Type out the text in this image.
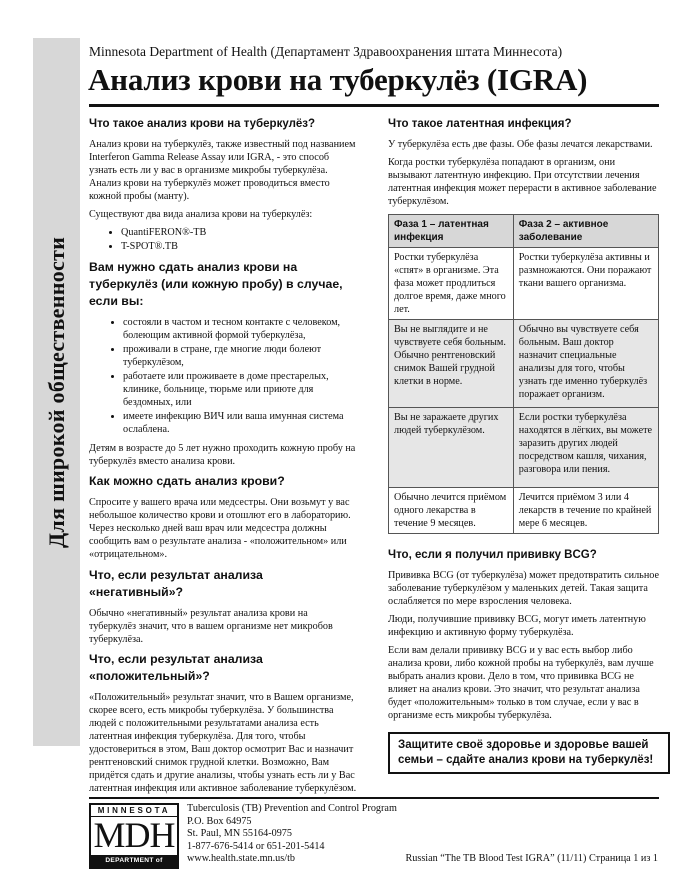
Для широкой общественности
Minnesota Department of Health (Департамент Здравоохранения штата Миннесота)
Анализ крови на туберкулёз (IGRA)
Что такое анализ крови на туберкулёз?

Анализ крови на туберкулёз, также известный под названием Interferon Gamma Release Assay или IGRA, - это способ узнать есть ли у вас в организме микробы туберкулёза. Анализ крови на туберкулёз может проводиться вместо кожной пробы (манту).

Существуют два вида анализа крови на туберкулёз:

• QuantiFERON®-TB
• T-SPOT®.TB
Вам нужно сдать анализ крови на туберкулёз (или кожную пробу) в случае, если вы:
• состояли в частом и тесном контакте с человеком, болеющим активной формой туберкулёза,
• проживали в стране, где многие люди болеют туберкулёзом,
• работаете или проживаете в доме престарелых, клинике, больнице, тюрьме или приюте для бездомных, или
• имеете инфекцию ВИЧ или ваша имунная система ослаблена.

Детям в возрасте до 5 лет нужно проходить кожную пробу на туберкулёз вместо анализа крови.

Как можно сдать анализ крови?

Спросите у вашего врача или медсестры. Они возьмут у вас небольшое количество крови и отошлют его в лабораторию. Через несколько дней ваш врач или медсестра должны сообщить вам о результате анализа - «положительном» или «отрицательном».

Что, если результат анализа «негативный»?

Обычно «негативный» результат анализа крови на туберкулёз значит, что в вашем организме нет микробов туберкулёза.

Что, если результат анализа «положительный»?

«Положительный» результат значит, что в Вашем организме, скорее всего, есть микробы туберкулёза. У большинства людей с положительными результатами анализа есть латентная инфекция туберкулёза. Для того, чтобы удостовериться в этом, Ваш доктор осмотрит Вас и назначит рентгеновский снимок грудной клетки. Возможно, Вам придётся сдать и другие анализы, чтобы узнать есть ли у Вас латентная инфекция или активное заболевание туберкулёзом.

Что такое латентная инфекция?

У туберкулёза есть две фазы. Обе фазы лечатся лекарствами.

Когда ростки туберкулёза попадают в организм, они вызывают латентную инфекцию. При отсутствии лечения латентная инфекция может перерасти в активное заболевание туберкулёзом.

Фаза 1 – латентная инфекция	Фаза 2 – активное заболевание
Ростки туберкулёза «спят» в организме. Эта фаза может продлиться долгое время, даже много лет.	Ростки туберкулёза активны и размножаются. Они поражают ткани вашего организма.
Вы не выглядите и не чувствуете себя больным. Обычно рентгеновский снимок Вашей грудной клетки в норме.	Обычно вы чувствуете себя больным. Ваш доктор назначит специальные анализы для того, чтобы узнать где именно туберкулёз поражает организм.
Вы не заражаете других людей туберкулёзом.	Если ростки туберкулёза находятся в лёгких, вы можете заразить других людей посредством кашля, чихания, разговора или пения.
Обычно лечится приёмом одного лекарства в течение 9 месяцев.	Лечится приёмом 3 или 4 лекарств в течение по крайней мере 6 месяцев.
Что, если я получил прививку BCG?

Прививка BCG (от туберкулёза) может предотвратить сильное заболевание туберкулёзом у маленьких детей. Такая защита ослабляется по мере взросления человека.

Люди, получившие прививку BCG, могут иметь латентную инфекцию и активную форму туберкулёза.

Если вам делали прививку BCG и у вас есть выбор либо анализа крови, либо кожной пробы на туберкулёз, вам лучше выбрать анализ крови. Дело в том, что прививка BCG не влияет на анализ крови. Это значит, что результат анализа будет «положительным» только в том случае, если у вас в организме есть микробы туберкулёза.

Защитите своё здоровье и здоровье вашей семьи – сдайте анализ крови на туберкулёз!
MINNESOTA
MDH
DEPARTMENT of HEALTH
Tuberculosis (TB) Prevention and Control Program
P.O. Box 64975
St. Paul, MN 55164-0975
1-877-676-5414 or 651-201-5414
www.health.state.mn.us/tb	Russian “The TB Blood Test IGRA” (11/11) Страница 1 из 1
